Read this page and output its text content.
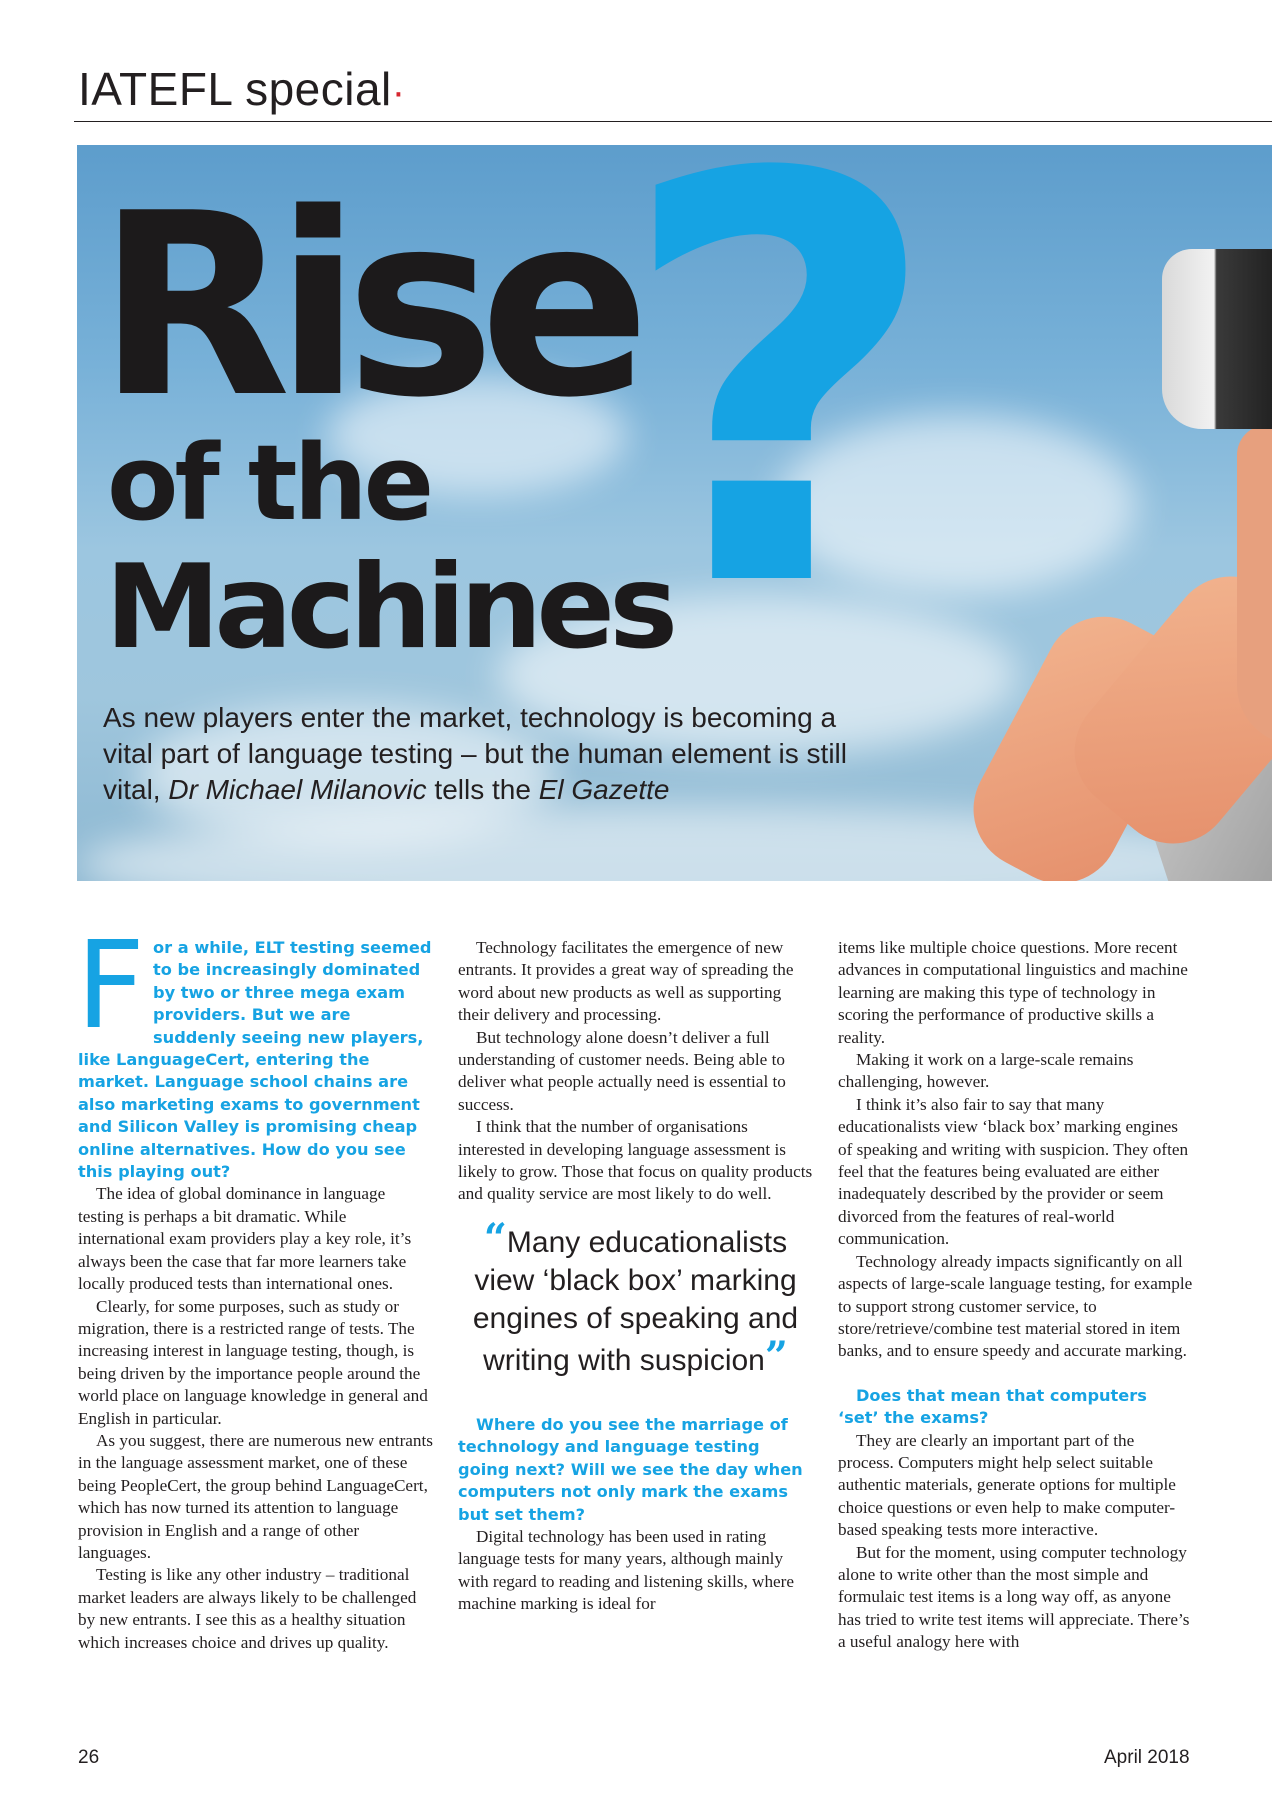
IATEFL special· ?
Rise
of the
Machines
As new players enter the market, technology is becoming a vital part of language testing – but the human element is still vital, Dr Michael Milanovic tells the El Gazette

For a while, ELT testing seemed to be increasingly dominated by two or three mega exam providers. But we are suddenly seeing new players, like LanguageCert, entering the market. Language school chains are also marketing exams to government and Silicon Valley is promising cheap online alternatives. How do you see this playing out?

The idea of global dominance in language testing is perhaps a bit dramatic. While international exam providers play a key role, it’s always been the case that far more learners take locally produced tests than international ones.

Clearly, for some purposes, such as study or migration, there is a restricted range of tests. The increasing interest in language testing, though, is being driven by the importance people around the world place on language knowledge in general and English in particular.

As you suggest, there are numerous new entrants in the language assessment market, one of these being PeopleCert, the group behind LanguageCert, which has now turned its attention to language provision in English and a range of other languages.

Testing is like any other industry – traditional market leaders are always likely to be challenged by new entrants. I see this as a healthy situation which increases choice and drives up quality.

Technology facilitates the emergence of new entrants. It provides a great way of spreading the word about new products as well as supporting their delivery and processing.

But technology alone doesn’t deliver a full understanding of customer needs. Being able to deliver what people actually need is essential to success.

I think that the number of organisations interested in developing language assessment is likely to grow. Those that focus on quality products and quality service are most likely to do well.

“Many educationalists view ‘black box’ marking engines of speaking and writing with suspicion”

Where do you see the marriage of technology and language testing going next? Will we see the day when computers not only mark the exams but set them?

Digital technology has been used in rating language tests for many years, although mainly with regard to reading and listening skills, where machine marking is ideal for

items like multiple choice questions. More recent advances in computational linguistics and machine learning are making this type of technology in scoring the performance of productive skills a reality.

Making it work on a large-scale remains challenging, however.

I think it’s also fair to say that many educationalists view ‘black box’ marking engines of speaking and writing with suspicion. They often feel that the features being evaluated are either inadequately described by the provider or seem divorced from the features of real-world communication.

Technology already impacts significantly on all aspects of large-scale language testing, for example to support strong customer service, to store/retrieve/combine test material stored in item banks, and to ensure speedy and accurate marking.

Does that mean that computers ‘set’ the exams?

They are clearly an important part of the process. Computers might help select suitable authentic materials, generate options for multiple choice questions or even help to make computer-based speaking tests more interactive.

But for the moment, using computer technology alone to write other than the most simple and formulaic test items is a long way off, as anyone has tried to write test items will appreciate. There’s a useful analogy here with

26	April 2018
